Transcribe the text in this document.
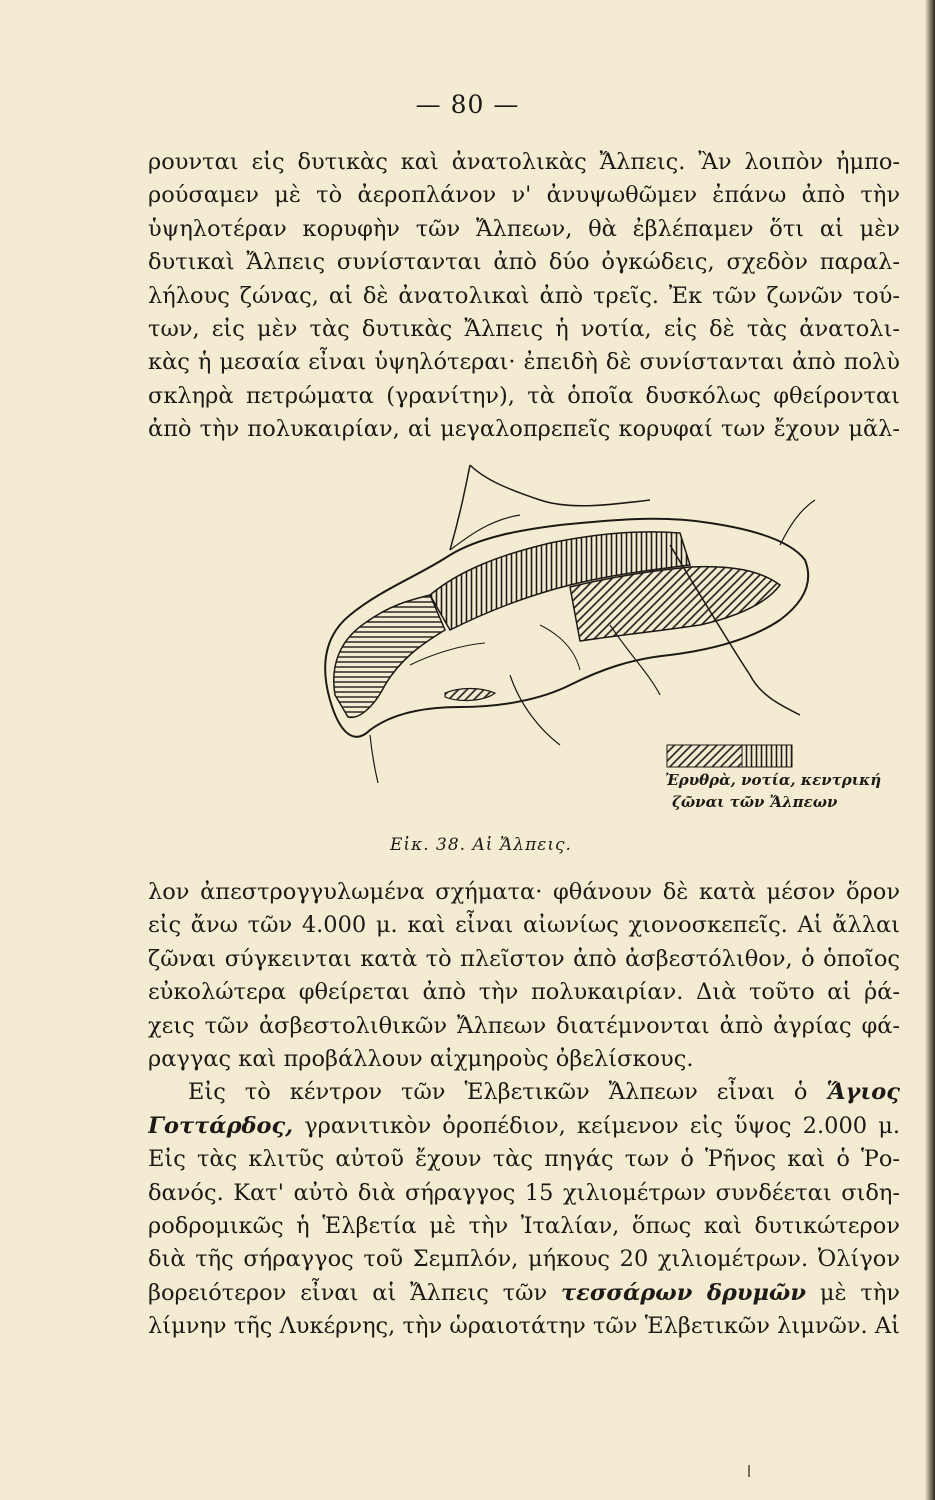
— 80 —
ρουνται εἰς δυτικὰς καὶ ἀνατολικὰς Ἄλπεις. Ἂν λοιπὸν ἠμπο-
ρούσαμεν μὲ τὸ ἀεροπλάνον ν' ἀνυψωθῶμεν ἐπάνω ἀπὸ τὴν
ὑψηλοτέραν κορυφὴν τῶν Ἄλπεων, θὰ ἐβλέπαμεν ὅτι αἱ μὲν
δυτικαὶ Ἄλπεις συνίστανται ἀπὸ δύο ὀγκώδεις, σχεδὸν παραλ-
λήλους ζώνας, αἱ δὲ ἀνατολικαὶ ἀπὸ τρεῖς. Ἐκ τῶν ζωνῶν τού-
των, εἰς μὲν τὰς δυτικὰς Ἄλπεις ἡ νοτία, εἰς δὲ τὰς ἀνατολι-
κὰς ἡ μεσαία εἶναι ὑψηλότεραι· ἐπειδὴ δὲ συνίστανται ἀπὸ πολὺ
σκληρὰ πετρώματα (γρανίτην), τὰ ὁποῖα δυσκόλως φθείρονται
ἀπὸ τὴν πολυκαιρίαν, αἱ μεγαλοπρεπεῖς κορυφαί των ἔχουν μᾶλ-
Ἐρυθρὰ, νοτία, κεντρική
ζῶναι τῶν Ἄλπεων
Εἰκ. 38. Αἱ Ἄλπεις.
λον ἀπεστρογγυλωμένα σχήματα· φθάνουν δὲ κατὰ μέσον ὅρον
εἰς ἄνω τῶν 4.000 μ. καὶ εἶναι αἰωνίως χιονοσκεπεῖς. Αἱ ἄλλαι
ζῶναι σύγκεινται κατὰ τὸ πλεῖστον ἀπὸ ἀσβεστόλιθον, ὁ ὁποῖος
εὐκολώτερα φθείρεται ἀπὸ τὴν πολυκαιρίαν. Διὰ τοῦτο αἱ ῥά-
χεις τῶν ἀσβεστολιθικῶν Ἄλπεων διατέμνονται ἀπὸ ἀγρίας φά-
ραγγας καὶ προβάλλουν αἰχμηροὺς ὀβελίσκους.
Εἰς τὸ κέντρον τῶν Ἑλβετικῶν Ἄλπεων εἶναι ὁ Ἅγιος
Γοττάρδος, γρανιτικὸν ὀροπέδιον, κείμενον εἰς ὕψος 2.000 μ.
Εἰς τὰς κλιτῦς αὐτοῦ ἔχουν τὰς πηγάς των ὁ Ῥῆνος καὶ ὁ Ῥο-
δανός. Κατ' αὐτὸ διὰ σήραγγος 15 χιλιομέτρων συνδέεται σιδη-
ροδρομικῶς ἡ Ἑλβετία μὲ τὴν Ἰταλίαν, ὅπως καὶ δυτικώτερον
διὰ τῆς σήραγγος τοῦ Σεμπλόν, μήκους 20 χιλιομέτρων. Ὀλίγον
βορειότερον εἶναι αἱ Ἄλπεις τῶν τεσσάρων δρυμῶν μὲ τὴν
λίμνην τῆς Λυκέρνης, τὴν ὡραιοτάτην τῶν Ἑλβετικῶν λιμνῶν. Αἱ
